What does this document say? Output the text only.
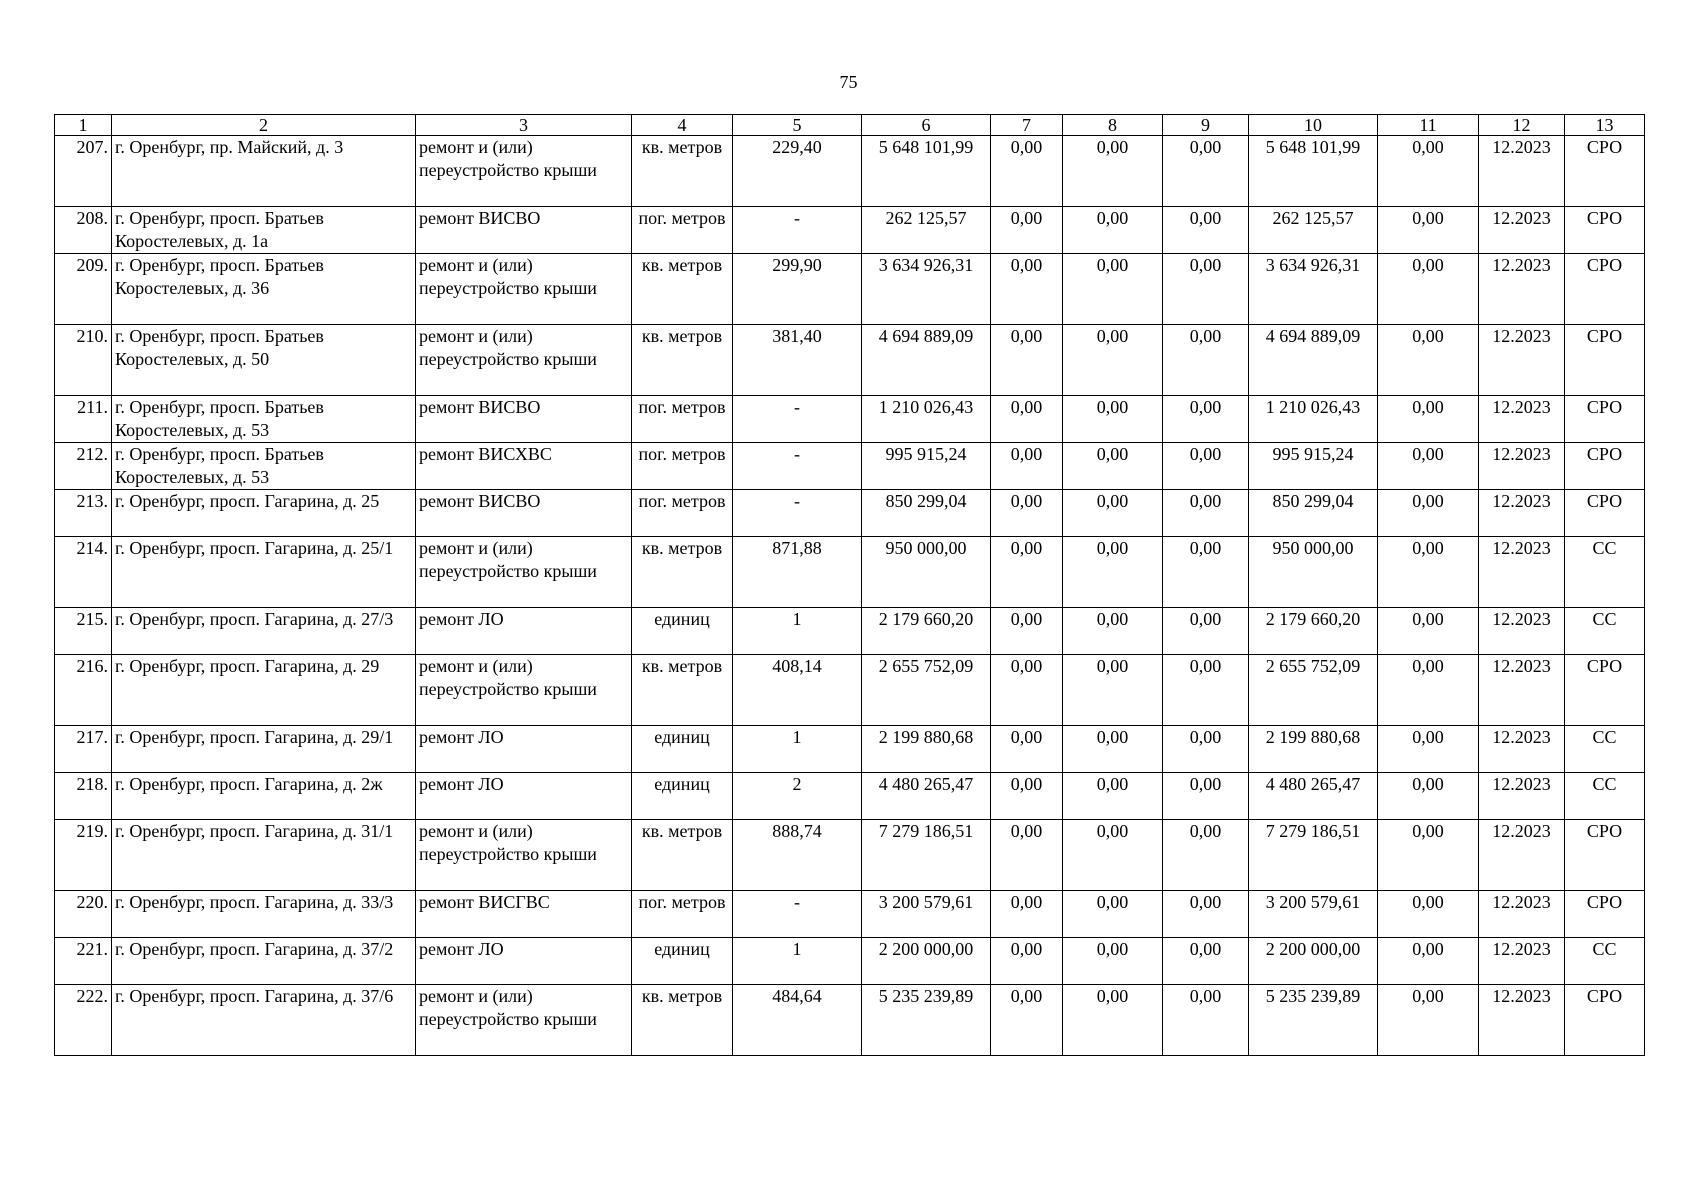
75
1	2	3	4	5	6	7	8	9	10	11	12	13
207.	г. Оренбург, пр. Майский, д. 3	ремонт и (или) переустройство крыши	кв. метров	229,40	5 648 101,99	0,00	0,00	0,00	5 648 101,99	0,00	12.2023	СРО
208.	г. Оренбург, просп. Братьев Коростелевых, д. 1а	ремонт ВИСВО	пог. метров	-	262 125,57	0,00	0,00	0,00	262 125,57	0,00	12.2023	СРО
209.	г. Оренбург, просп. Братьев Коростелевых, д. 36	ремонт и (или) переустройство крыши	кв. метров	299,90	3 634 926,31	0,00	0,00	0,00	3 634 926,31	0,00	12.2023	СРО
210.	г. Оренбург, просп. Братьев Коростелевых, д. 50	ремонт и (или) переустройство крыши	кв. метров	381,40	4 694 889,09	0,00	0,00	0,00	4 694 889,09	0,00	12.2023	СРО
211.	г. Оренбург, просп. Братьев Коростелевых, д. 53	ремонт ВИСВО	пог. метров	-	1 210 026,43	0,00	0,00	0,00	1 210 026,43	0,00	12.2023	СРО
212.	г. Оренбург, просп. Братьев Коростелевых, д. 53	ремонт ВИСХВС	пог. метров	-	995 915,24	0,00	0,00	0,00	995 915,24	0,00	12.2023	СРО
213.	г. Оренбург, просп. Гагарина, д. 25	ремонт ВИСВО	пог. метров	-	850 299,04	0,00	0,00	0,00	850 299,04	0,00	12.2023	СРО
214.	г. Оренбург, просп. Гагарина, д. 25/1	ремонт и (или) переустройство крыши	кв. метров	871,88	950 000,00	0,00	0,00	0,00	950 000,00	0,00	12.2023	СС
215.	г. Оренбург, просп. Гагарина, д. 27/3	ремонт ЛО	единиц	1	2 179 660,20	0,00	0,00	0,00	2 179 660,20	0,00	12.2023	СС
216.	г. Оренбург, просп. Гагарина, д. 29	ремонт и (или) переустройство крыши	кв. метров	408,14	2 655 752,09	0,00	0,00	0,00	2 655 752,09	0,00	12.2023	СРО
217.	г. Оренбург, просп. Гагарина, д. 29/1	ремонт ЛО	единиц	1	2 199 880,68	0,00	0,00	0,00	2 199 880,68	0,00	12.2023	СС
218.	г. Оренбург, просп. Гагарина, д. 2ж	ремонт ЛО	единиц	2	4 480 265,47	0,00	0,00	0,00	4 480 265,47	0,00	12.2023	СС
219.	г. Оренбург, просп. Гагарина, д. 31/1	ремонт и (или) переустройство крыши	кв. метров	888,74	7 279 186,51	0,00	0,00	0,00	7 279 186,51	0,00	12.2023	СРО
220.	г. Оренбург, просп. Гагарина, д. 33/3	ремонт ВИСГВС	пог. метров	-	3 200 579,61	0,00	0,00	0,00	3 200 579,61	0,00	12.2023	СРО
221.	г. Оренбург, просп. Гагарина, д. 37/2	ремонт ЛО	единиц	1	2 200 000,00	0,00	0,00	0,00	2 200 000,00	0,00	12.2023	СС
222.	г. Оренбург, просп. Гагарина, д. 37/6	ремонт и (или) переустройство крыши	кв. метров	484,64	5 235 239,89	0,00	0,00	0,00	5 235 239,89	0,00	12.2023	СРО
